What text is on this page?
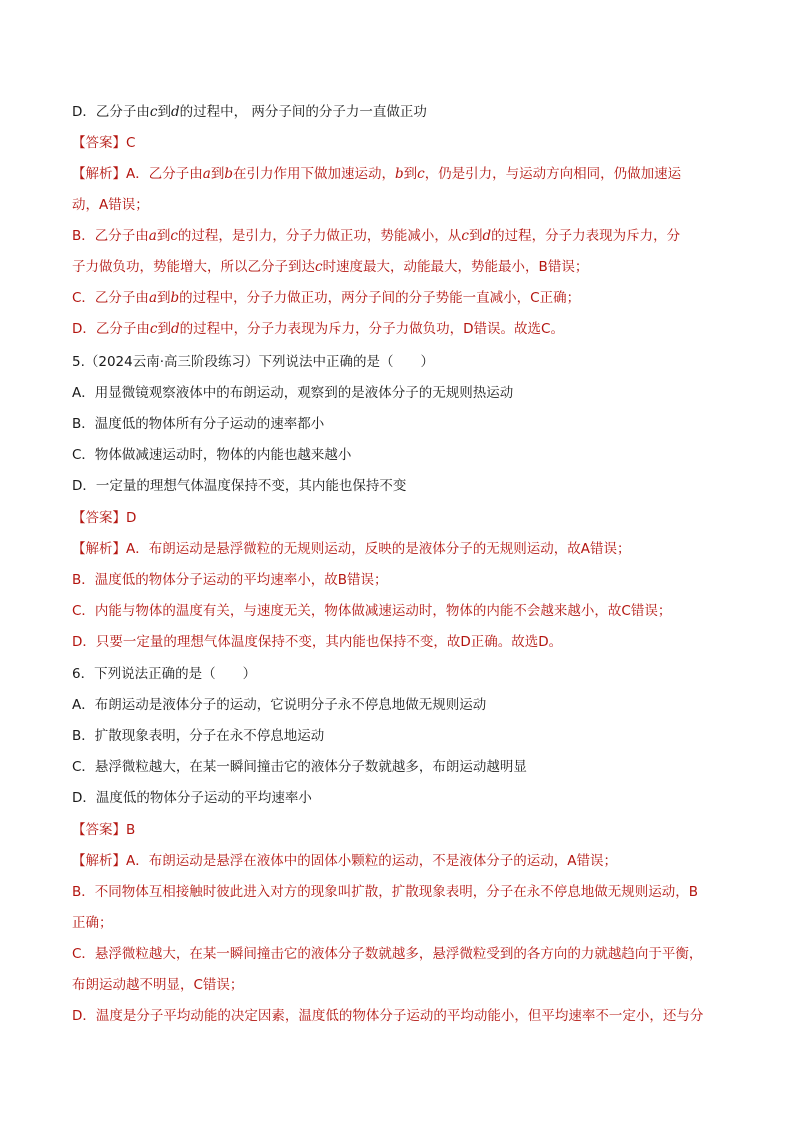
D．乙分子由c到d的过程中， 两分子间的分子力一直做正功
【答案】C
【解析】A．乙分子由a到b在引力作用下做加速运动，b到c，仍是引力，与运动方向相同，仍做加速运
动，A错误；
B．乙分子由a到c的过程，是引力，分子力做正功，势能减小，从c到d的过程，分子力表现为斥力，分
子力做负功，势能增大，所以乙分子到达c时速度最大，动能最大，势能最小，B错误；
C．乙分子由a到b的过程中，分子力做正功，两分子间的分子势能一直减小，C正确；
D．乙分子由c到d的过程中，分子力表现为斥力，分子力做负功，D错误。故选C。
5.（2024云南·高三阶段练习）下列说法中正确的是（　　）
A．用显微镜观察液体中的布朗运动，观察到的是液体分子的无规则热运动
B．温度低的物体所有分子运动的速率都小
C．物体做减速运动时，物体的内能也越来越小
D．一定量的理想气体温度保持不变，其内能也保持不变
【答案】D
【解析】A．布朗运动是悬浮微粒的无规则运动，反映的是液体分子的无规则运动，故A错误；
B．温度低的物体分子运动的平均速率小，故B错误；
C．内能与物体的温度有关，与速度无关，物体做减速运动时，物体的内能不会越来越小，故C错误；
D．只要一定量的理想气体温度保持不变，其内能也保持不变，故D正确。故选D。
6．下列说法正确的是（　　）
A．布朗运动是液体分子的运动，它说明分子永不停息地做无规则运动
B．扩散现象表明，分子在永不停息地运动
C．悬浮微粒越大，在某一瞬间撞击它的液体分子数就越多，布朗运动越明显
D．温度低的物体分子运动的平均速率小
【答案】B
【解析】A．布朗运动是悬浮在液体中的固体小颗粒的运动，不是液体分子的运动，A错误；
B．不同物体互相接触时彼此进入对方的现象叫扩散，扩散现象表明，分子在永不停息地做无规则运动，B
正确；
C．悬浮微粒越大，在某一瞬间撞击它的液体分子数就越多，悬浮微粒受到的各方向的力就越趋向于平衡，
布朗运动越不明显，C错误；
D．温度是分子平均动能的决定因素，温度低的物体分子运动的平均动能小，但平均速率不一定小，还与分
